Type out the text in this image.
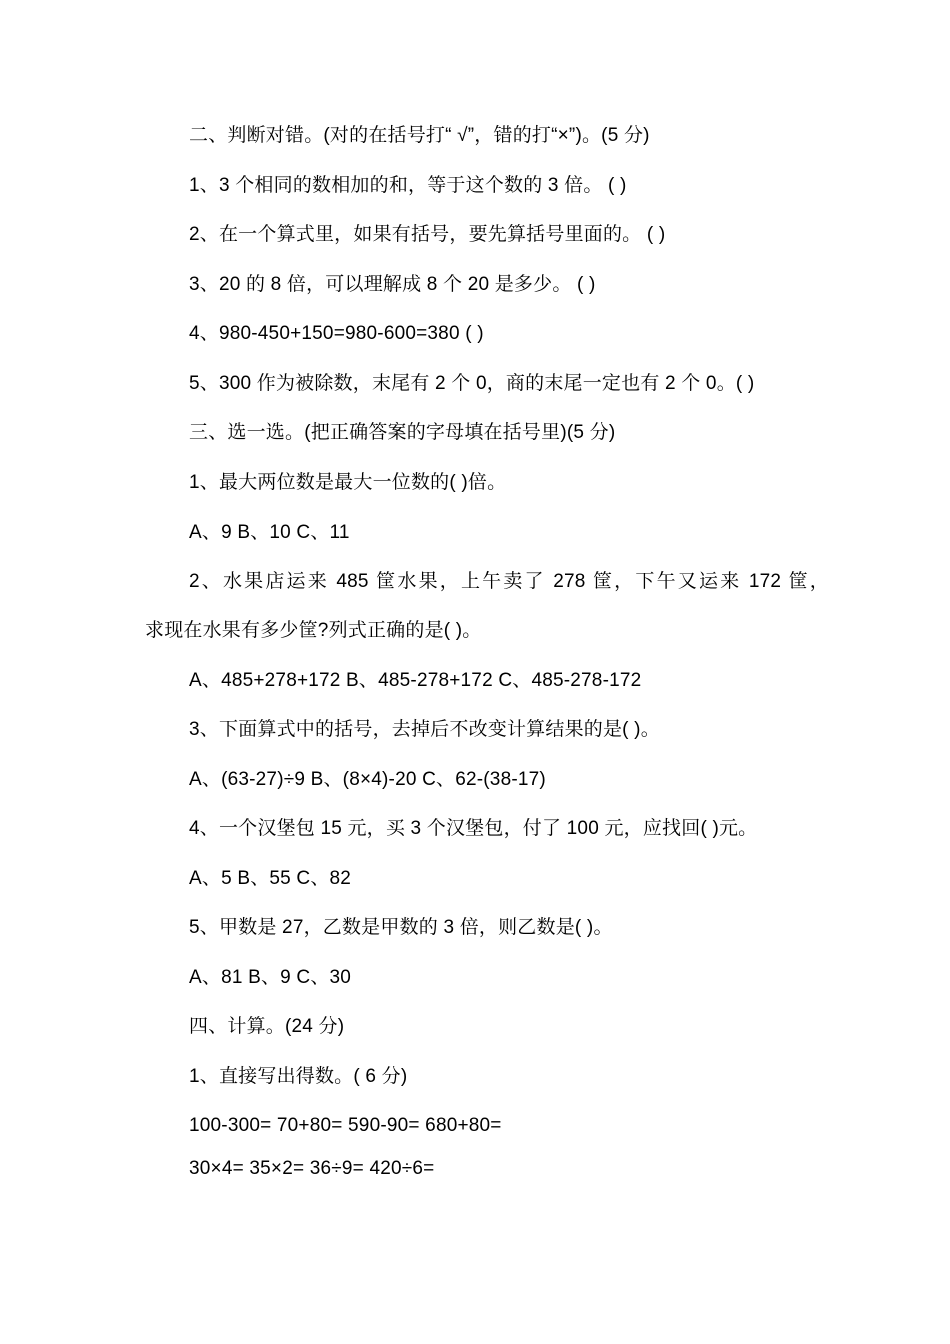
二、判断对错。(对的在括号打“ √”，错的打“×”)。(5 分)
1、3 个相同的数相加的和，等于这个数的 3 倍。 ( )
2、在一个算式里，如果有括号，要先算括号里面的。 ( )
3、20 的 8 倍，可以理解成 8 个 20 是多少。 ( )
4、980-450+150=980-600=380 ( )
5、300 作为被除数，末尾有 2 个 0，商的末尾一定也有 2 个 0。( )
三、选一选。(把正确答案的字母填在括号里)(5 分)
1、最大两位数是最大一位数的( )倍。
A、9 B、10 C、11
2、水果店运来 485 筐水果，上午卖了 278 筐，下午又运来 172 筐，
求现在水果有多少筐?列式正确的是( )。
A、485+278+172 B、485-278+172 C、485-278-172
3、下面算式中的括号，去掉后不改变计算结果的是( )。
A、(63-27)÷9 B、(8×4)-20 C、62-(38-17)
4、一个汉堡包 15 元，买 3 个汉堡包，付了 100 元，应找回( )元。
A、5 B、55 C、82
5、甲数是 27，乙数是甲数的 3 倍，则乙数是( )。
A、81 B、9 C、30
四、计算。(24 分)
1、直接写出得数。( 6 分)
100-300= 70+80= 590-90= 680+80=
30×4= 35×2= 36÷9= 420÷6=
